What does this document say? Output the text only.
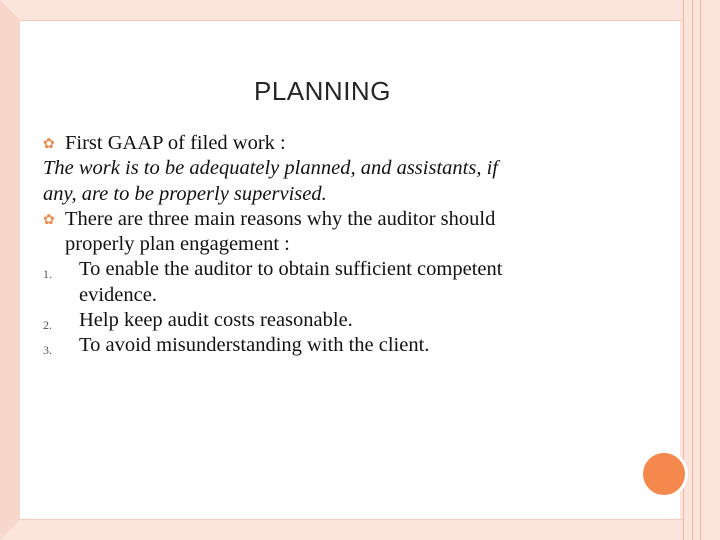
PLANNING
✿ First GAAP of filed work :
The work is to be adequately planned, and assistants, if
any, are to be properly supervised.
✿ There are three main reasons why the auditor should
properly plan engagement :
1. To enable the auditor to obtain sufficient competent
evidence.
2. Help keep audit costs reasonable.
3. To avoid misunderstanding with the client.
